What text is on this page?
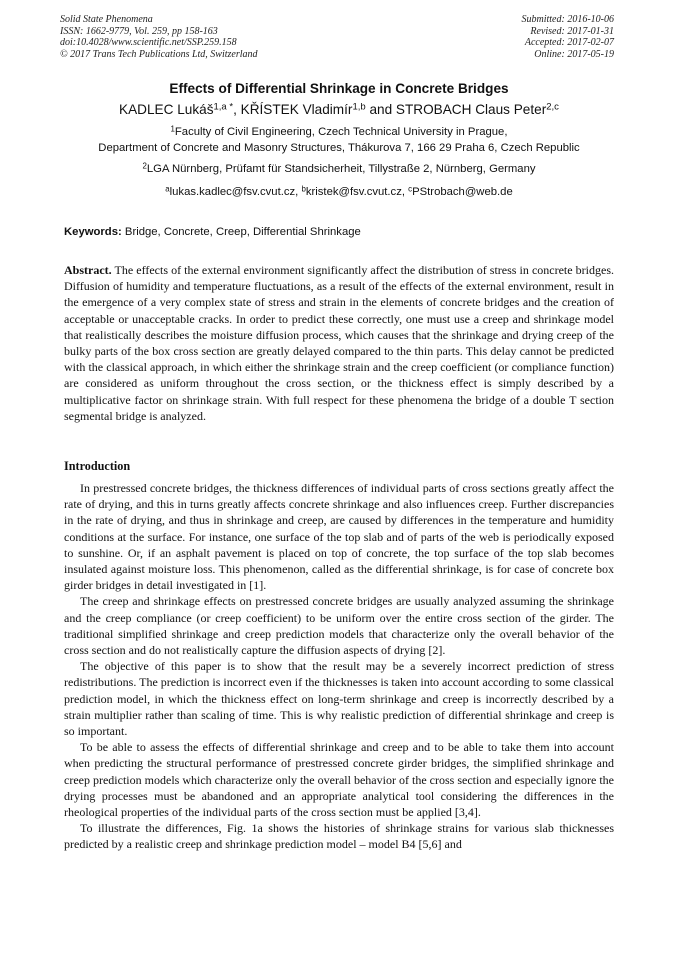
Solid State Phenomena
ISSN: 1662-9779, Vol. 259, pp 158-163
doi:10.4028/www.scientific.net/SSP.259.158
© 2017 Trans Tech Publications Ltd, Switzerland
Submitted: 2016-10-06
Revised: 2017-01-31
Accepted: 2017-02-07
Online: 2017-05-19
Effects of Differential Shrinkage in Concrete Bridges
KADLEC Lukáš$^{1,a *}$, KŘÍSTEK Vladimír$^{1,b}$ and STROBACH Claus Peter$^{2,c}$
$^1$Faculty of Civil Engineering, Czech Technical University in Prague,
Department of Concrete and Masonry Structures, Thákurova 7, 166 29 Praha 6, Czech Republic
$^2$LGA Nürnberg, Prüfamt für Standsicherheit, Tillystraße 2, Nürnberg, Germany
$^a$lukas.kadlec@fsv.cvut.cz, $^b$kristek@fsv.cvut.cz, $^c$PStrobach@web.de
Keywords: Bridge, Concrete, Creep, Differential Shrinkage

Abstract. The effects of the external environment significantly affect the distribution of stress in concrete bridges. Diffusion of humidity and temperature fluctuations, as a result of the effects of the external environment, result in the emergence of a very complex state of stress and strain in the elements of concrete bridges and the creation of acceptable or unacceptable cracks. In order to predict these correctly, one must use a creep and shrinkage model that realistically describes the moisture diffusion process, which causes that the shrinkage and drying creep of the bulky parts of the box cross section are greatly delayed compared to the thin parts. This delay cannot be predicted with the classical approach, in which either the shrinkage strain and the creep coefficient (or compliance function) are considered as uniform throughout the cross section, or the thickness effect is simply described by a multiplicative factor on shrinkage strain. With full respect for these phenomena the bridge of a double T section segmental bridge is analyzed.

Introduction

In prestressed concrete bridges, the thickness differences of individual parts of cross sections greatly affect the rate of drying, and this in turns greatly affects concrete shrinkage and also influences creep. Further discrepancies in the rate of drying, and thus in shrinkage and creep, are caused by differences in the temperature and humidity conditions at the surface. For instance, one surface of the top slab and of parts of the web is periodically exposed to sunshine. Or, if an asphalt pavement is placed on top of concrete, the top surface of the top slab becomes insulated against moisture loss. This phenomenon, called as the differential shrinkage, is for case of concrete box girder bridges in detail investigated in [1].

The creep and shrinkage effects on prestressed concrete bridges are usually analyzed assuming the shrinkage and the creep compliance (or creep coefficient) to be uniform over the entire cross section of the girder. The traditional simplified shrinkage and creep prediction models that characterize only the overall behavior of the cross section and do not realistically capture the diffusion aspects of drying [2].

The objective of this paper is to show that the result may be a severely incorrect prediction of stress redistributions. The prediction is incorrect even if the thicknesses is taken into account according to some classical prediction model, in which the thickness effect on long-term shrinkage and creep is incorrectly described by a strain multiplier rather than scaling of time. This is why realistic prediction of differential shrinkage and creep is so important.

To be able to assess the effects of differential shrinkage and creep and to be able to take them into account when predicting the structural performance of prestressed concrete girder bridges, the simplified shrinkage and creep prediction models which characterize only the overall behavior of the cross section and especially ignore the drying processes must be abandoned and an appropriate analytical tool considering the differences in the rheological properties of the individual parts of the cross section must be applied [3,4].

To illustrate the differences, Fig. 1a shows the histories of shrinkage strains for various slab thicknesses predicted by a realistic creep and shrinkage prediction model – model B4 [5,6] and
